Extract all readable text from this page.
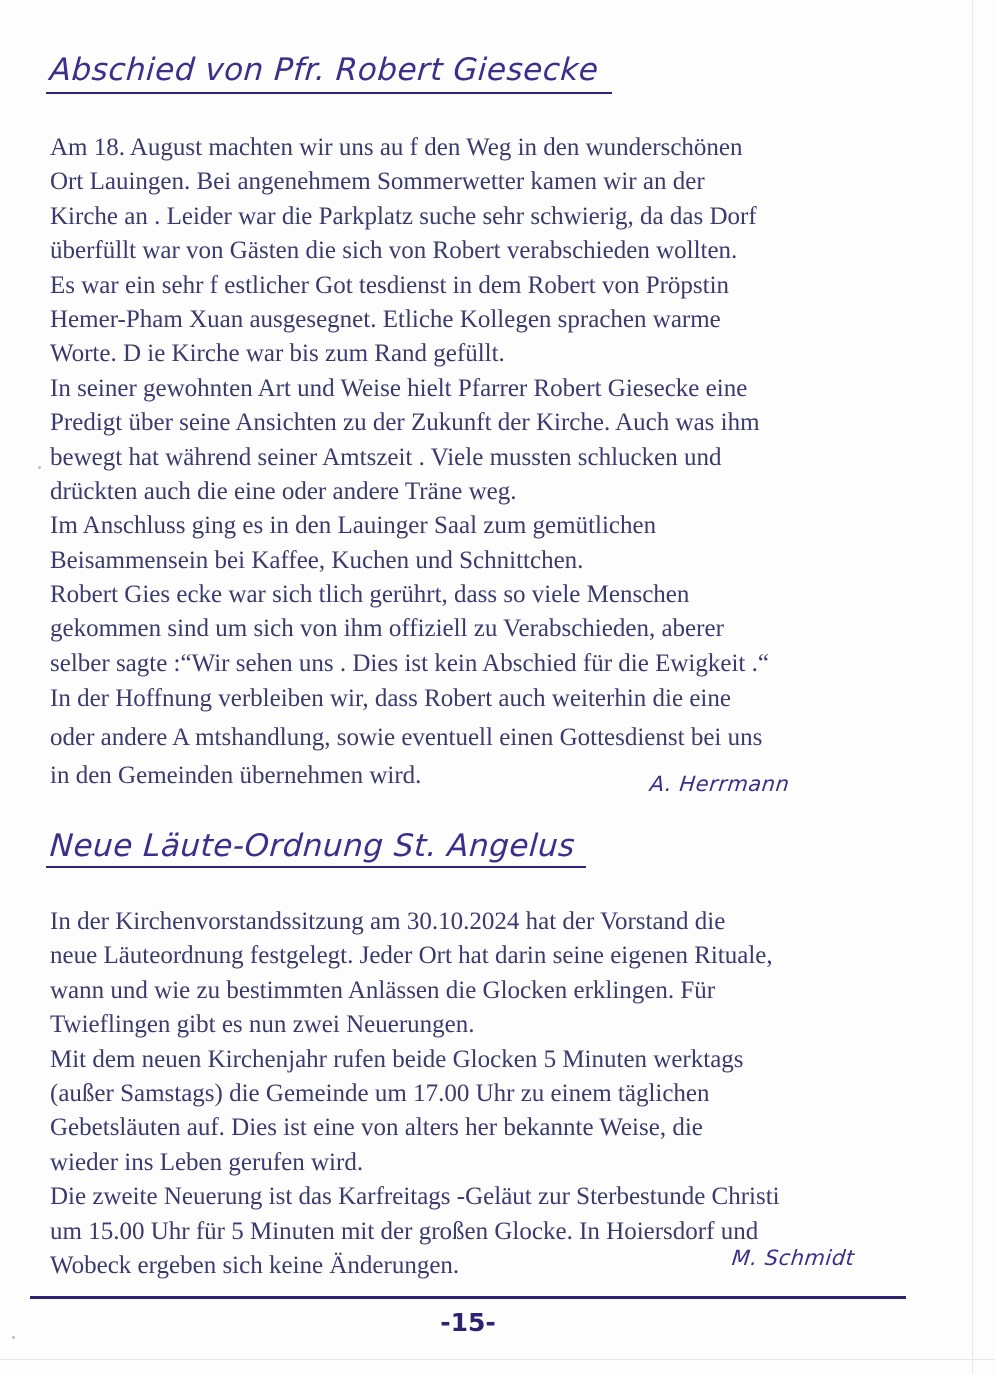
Abschied von Pfr. Robert Giesecke
Am 18. August machten wir uns au f den Weg in den wunderschönen
Ort Lauingen. Bei angenehmem Sommerwetter kamen wir an der
Kirche an . Leider war die Parkplatz suche sehr schwierig, da das Dorf
überfüllt war von Gästen die sich von Robert verabschieden wollten.
Es war ein sehr f estlicher Got tesdienst in dem Robert von Pröpstin
Hemer-Pham Xuan ausgesegnet. Etliche Kollegen sprachen warme
Worte. D ie Kirche war bis zum Rand gefüllt.
In seiner gewohnten Art und Weise hielt Pfarrer Robert Giesecke eine
Predigt über seine Ansichten zu der Zukunft der Kirche. Auch was ihm
bewegt hat während seiner Amtszeit . Viele mussten schlucken und
drückten auch die eine oder andere Träne weg.
Im Anschluss ging es in den Lauinger Saal zum gemütlichen
Beisammensein bei Kaffee, Kuchen und Schnittchen.
Robert Gies ecke war sich tlich gerührt, dass so viele Menschen
gekommen sind um sich von ihm offiziell zu Verabschieden, aberer
selber sagte :“Wir sehen uns . Dies ist kein Abschied für die Ewigkeit .“
In der Hoffnung verbleiben wir, dass Robert auch weiterhin die eine
oder andere A mtshandlung, sowie eventuell einen Gottesdienst bei uns
in den Gemeinden übernehmen wird.	A. Herrmann
Neue Läute-Ordnung St. Angelus
In der Kirchenvorstandssitzung am 30.10.2024 hat der Vorstand die
neue Läuteordnung festgelegt. Jeder Ort hat darin seine eigenen Rituale,
wann und wie zu bestimmten Anlässen die Glocken erklingen. Für
Twieflingen gibt es nun zwei Neuerungen.
Mit dem neuen Kirchenjahr rufen beide Glocken 5 Minuten werktags
(außer Samstags) die Gemeinde um 17.00 Uhr zu einem täglichen
Gebetsläuten auf. Dies ist eine von alters her bekannte Weise, die
wieder ins Leben gerufen wird.
Die zweite Neuerung ist das Karfreitags -Geläut zur Sterbestunde Christi
um 15.00 Uhr für 5 Minuten mit der großen Glocke. In Hoiersdorf und
Wobeck ergeben sich keine Änderungen.	M. Schmidt
-15-
